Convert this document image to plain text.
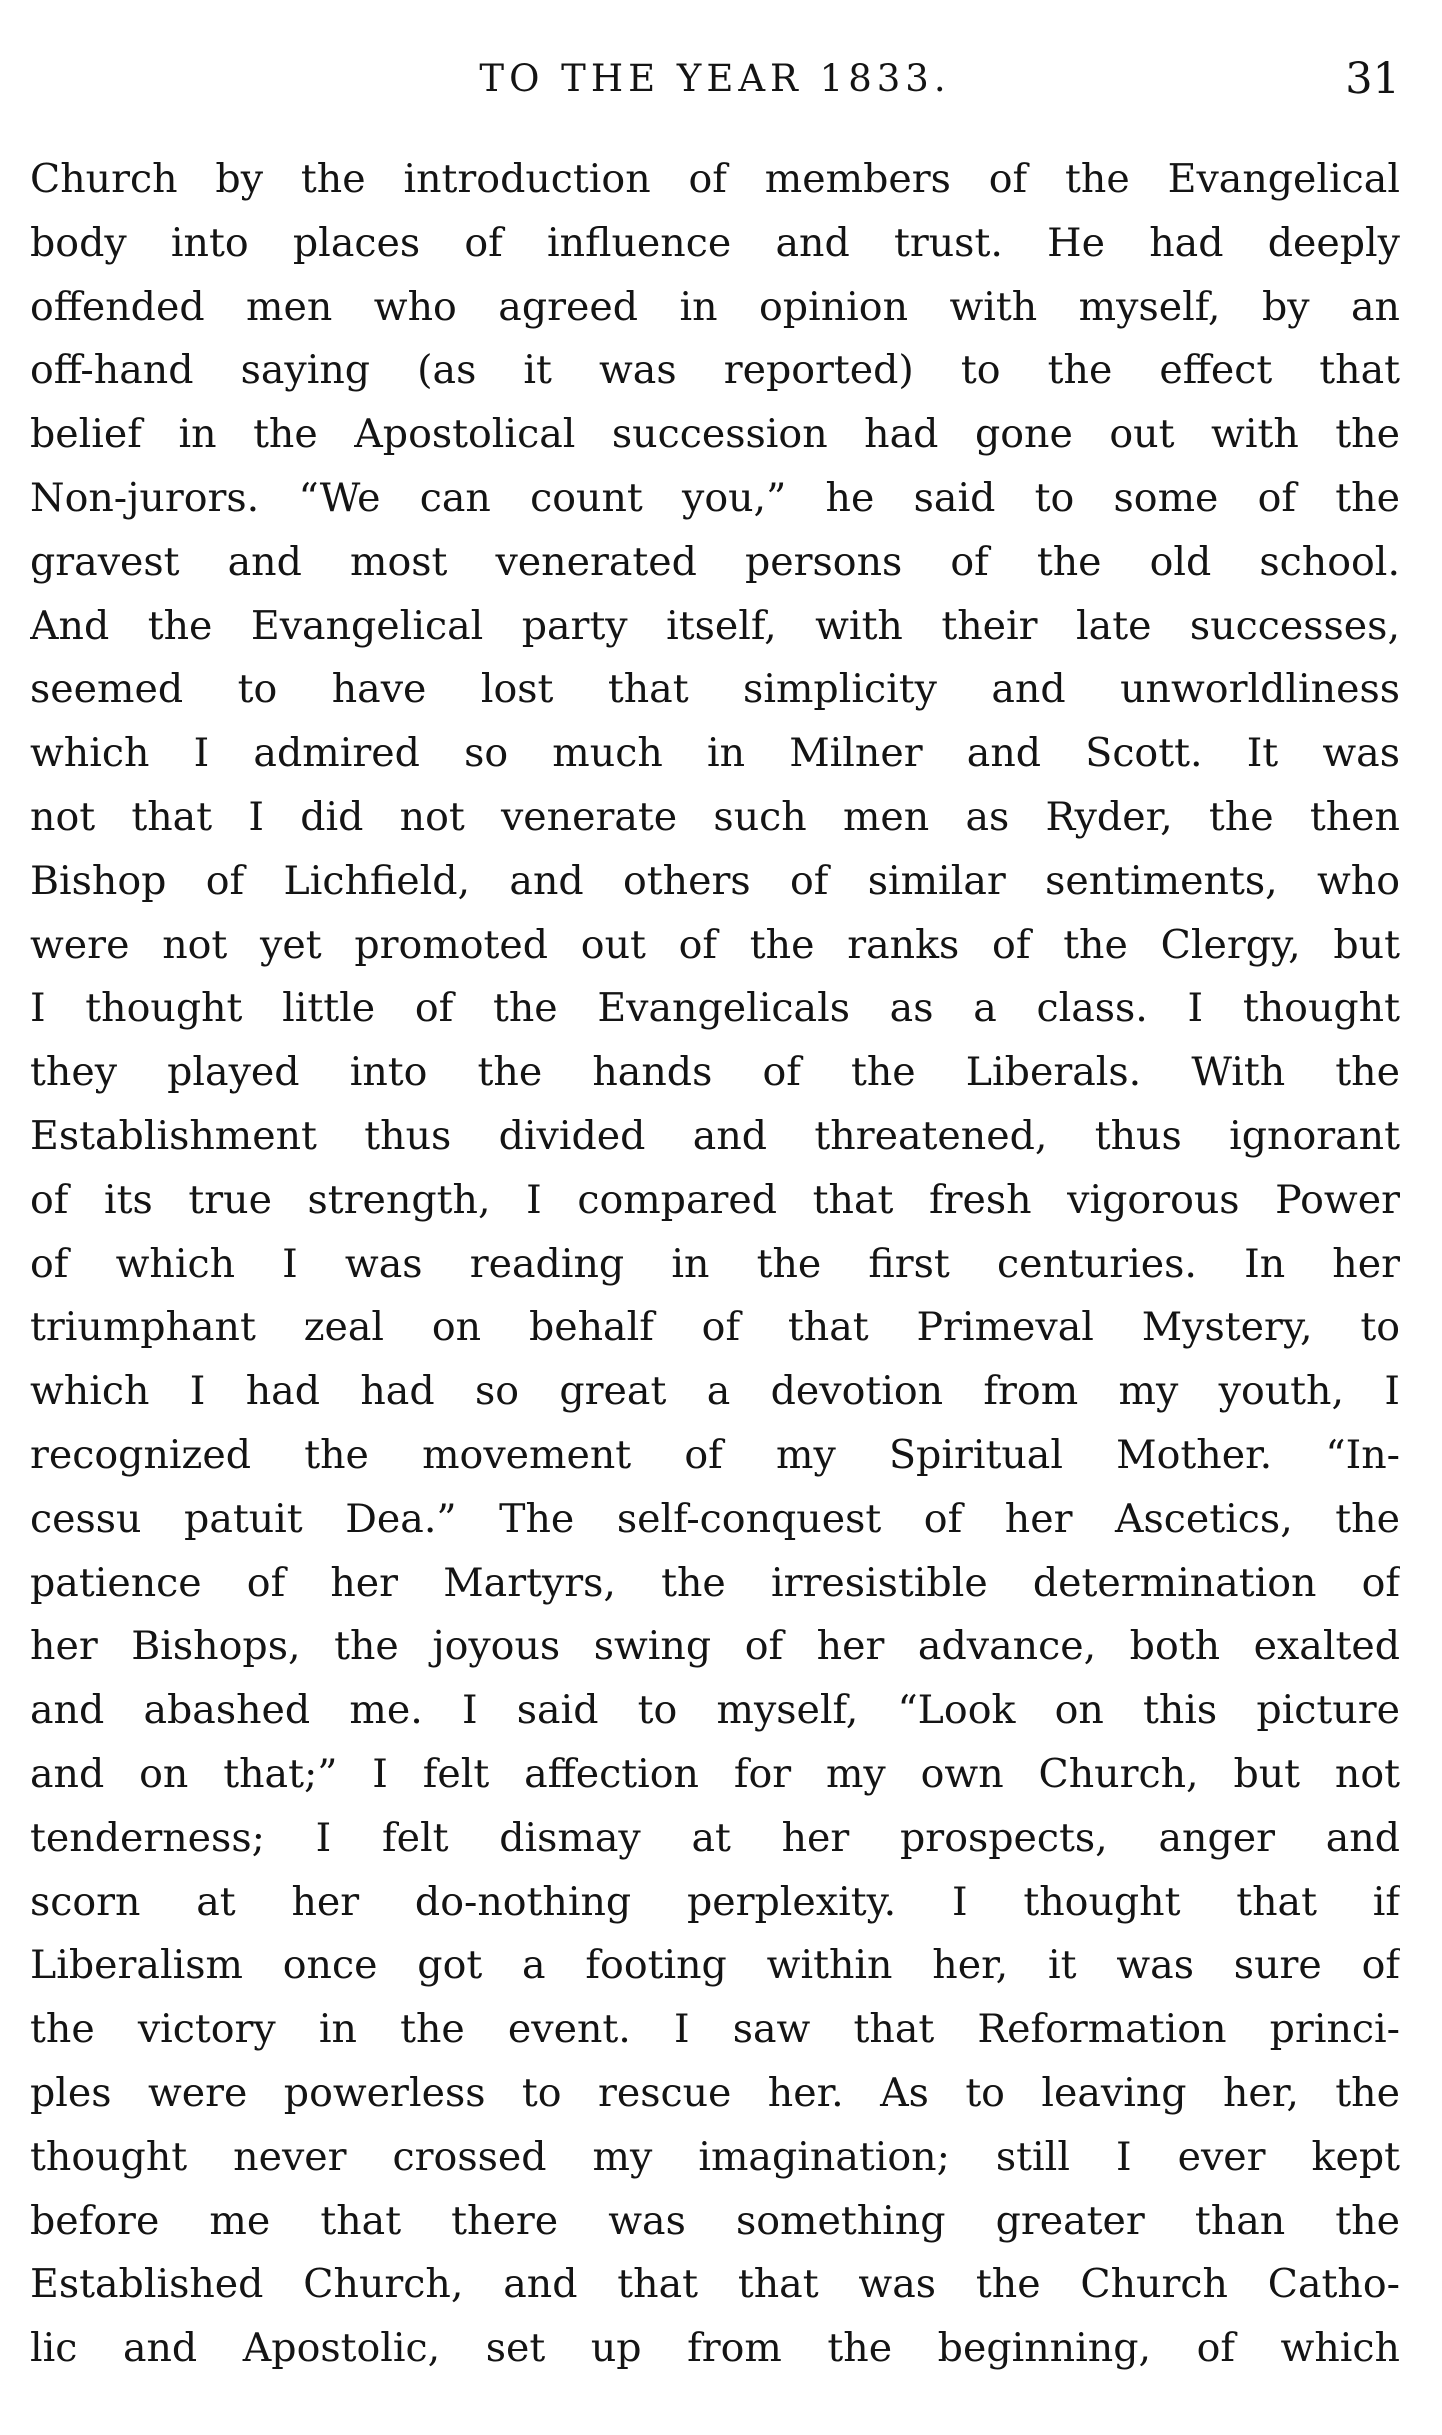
TO THE YEAR 1833.	31
Church by the introduction of members of the Evangelical
body into places of influence and trust. He had deeply
offended men who agreed in opinion with myself, by an
off-hand saying (as it was reported) to the effect that
belief in the Apostolical succession had gone out with the
Non-jurors. “We can count you,” he said to some of the
gravest and most venerated persons of the old school.
And the Evangelical party itself, with their late successes,
seemed to have lost that simplicity and unworldliness
which I admired so much in Milner and Scott. It was
not that I did not venerate such men as Ryder, the then
Bishop of Lichfield, and others of similar sentiments, who
were not yet promoted out of the ranks of the Clergy, but
I thought little of the Evangelicals as a class. I thought
they played into the hands of the Liberals. With the
Establishment thus divided and threatened, thus ignorant
of its true strength, I compared that fresh vigorous Power
of which I was reading in the first centuries. In her
triumphant zeal on behalf of that Primeval Mystery, to
which I had had so great a devotion from my youth, I
recognized the movement of my Spiritual Mother. “In-
cessu patuit Dea.” The self-conquest of her Ascetics, the
patience of her Martyrs, the irresistible determination of
her Bishops, the joyous swing of her advance, both exalted
and abashed me. I said to myself, “Look on this picture
and on that;” I felt affection for my own Church, but not
tenderness; I felt dismay at her prospects, anger and
scorn at her do-nothing perplexity. I thought that if
Liberalism once got a footing within her, it was sure of
the victory in the event. I saw that Reformation princi-
ples were powerless to rescue her. As to leaving her, the
thought never crossed my imagination; still I ever kept
before me that there was something greater than the
Established Church, and that that was the Church Catho-
lic and Apostolic, set up from the beginning, of which
